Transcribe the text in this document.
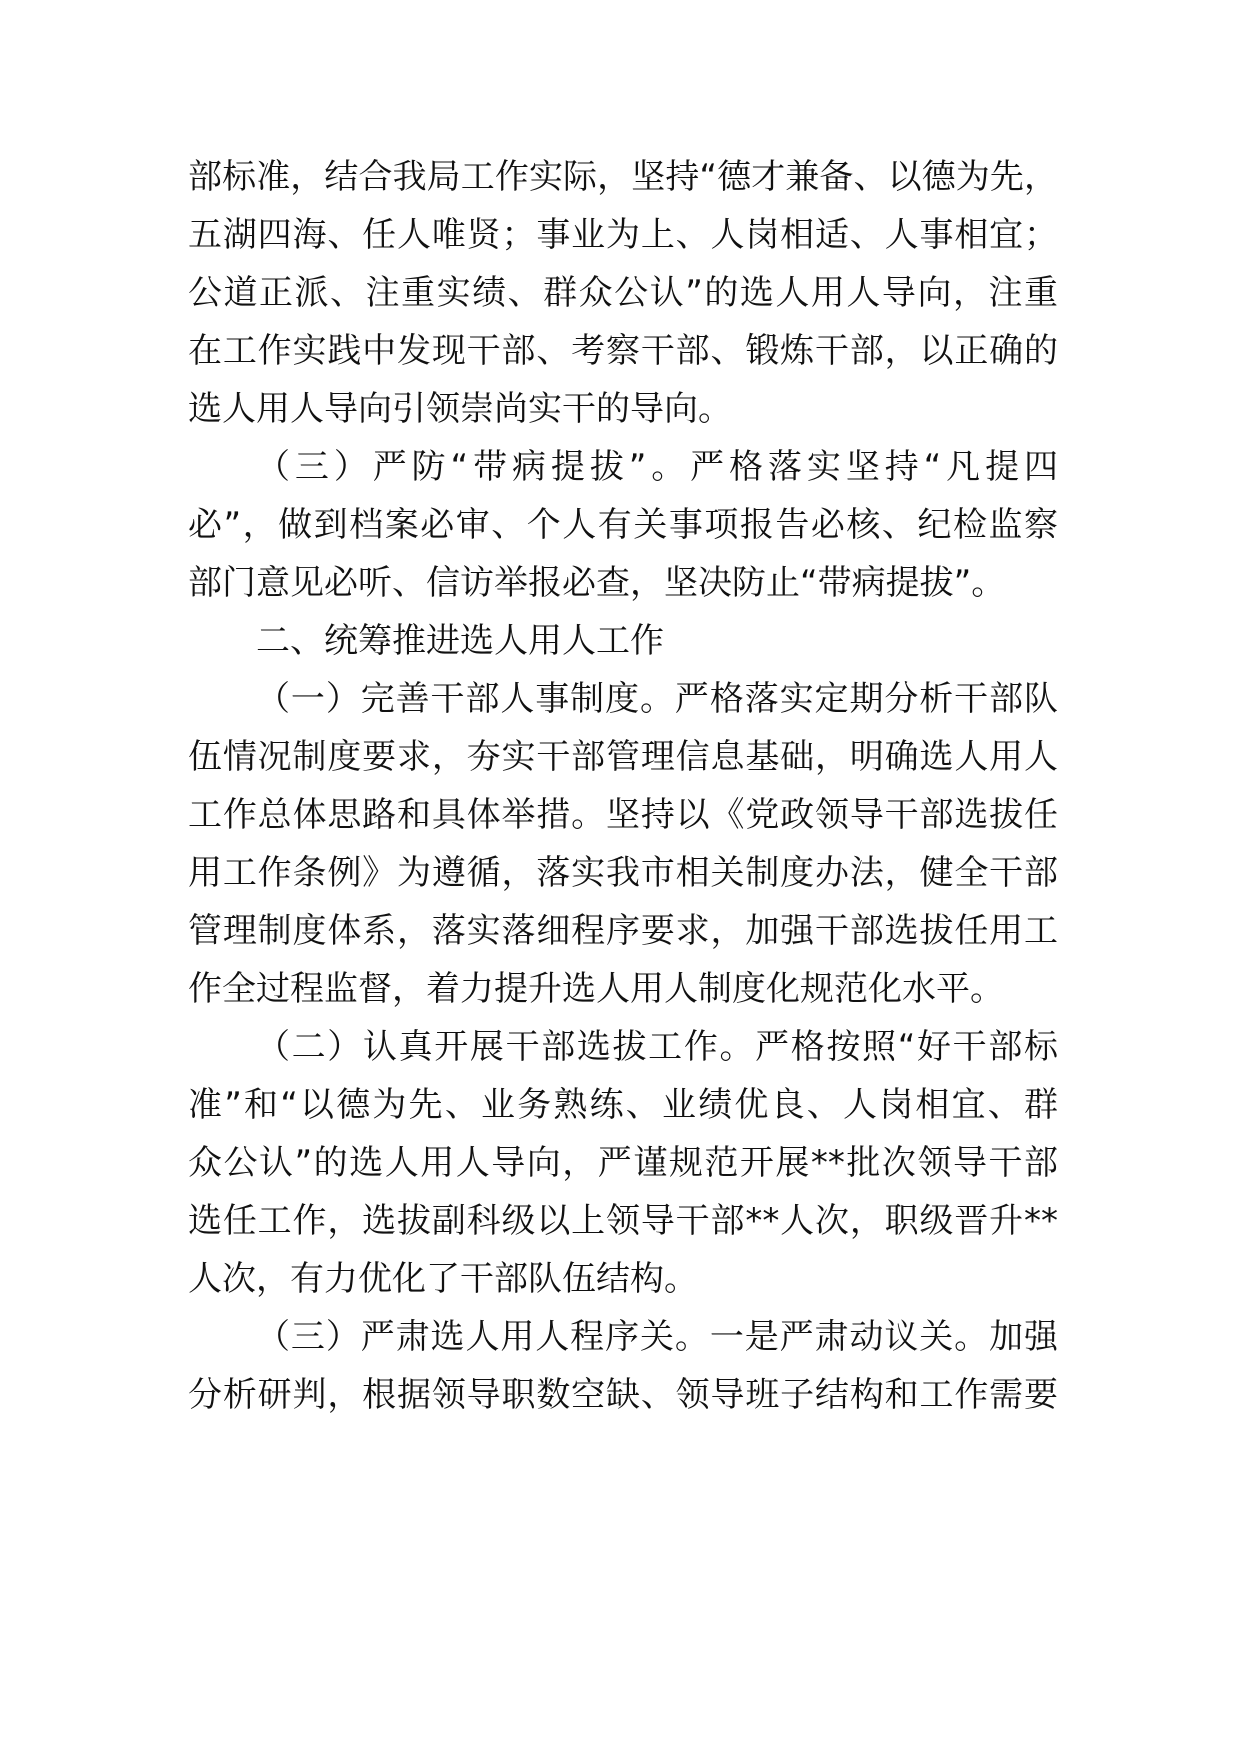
部标准，结合我局工作实际，坚持“德才兼备、以德为先，
五湖四海、任人唯贤；事业为上、人岗相适、人事相宜；
公道正派、注重实绩、群众公认”的选人用人导向，注重
在工作实践中发现干部、考察干部、锻炼干部，以正确的
选人用人导向引领崇尚实干的导向。
（三）严防“带病提拔”。严格落实坚持“凡提四
必”，做到档案必审、个人有关事项报告必核、纪检监察
部门意见必听、信访举报必查，坚决防止“带病提拔”。
二、统筹推进选人用人工作
（一）完善干部人事制度。严格落实定期分析干部队
伍情况制度要求，夯实干部管理信息基础，明确选人用人
工作总体思路和具体举措。坚持以《党政领导干部选拔任
用工作条例》为遵循，落实我市相关制度办法，健全干部
管理制度体系，落实落细程序要求，加强干部选拔任用工
作全过程监督，着力提升选人用人制度化规范化水平。
（二）认真开展干部选拔工作。严格按照“好干部标
准”和“以德为先、业务熟练、业绩优良、人岗相宜、群
众公认”的选人用人导向，严谨规范开展**批次领导干部
选任工作，选拔副科级以上领导干部**人次，职级晋升**
人次，有力优化了干部队伍结构。
（三）严肃选人用人程序关。一是严肃动议关。加强
分析研判，根据领导职数空缺、领导班子结构和工作需要
